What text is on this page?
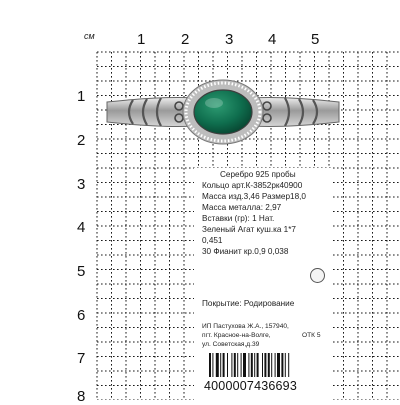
см	1 2 3 4 5
1
2
3
4
5
6
7
8
Серебро 925 пробы
Кольцо арт.К-3852рк40900
Масса изд.3,46 Размер18,0
Масса металла: 2,97
Вставки (гр): 1 Нат.
Зеленый Агат куш.ка 1*7
0,451
30 Фианит кр.0,9 0,038
Покрытие: Родирование
ИП Пастухова Ж.А., 157940,
пгт. Красное-на-Волге,	ОТК 5
ул. Советская,д.39
4000007436693
